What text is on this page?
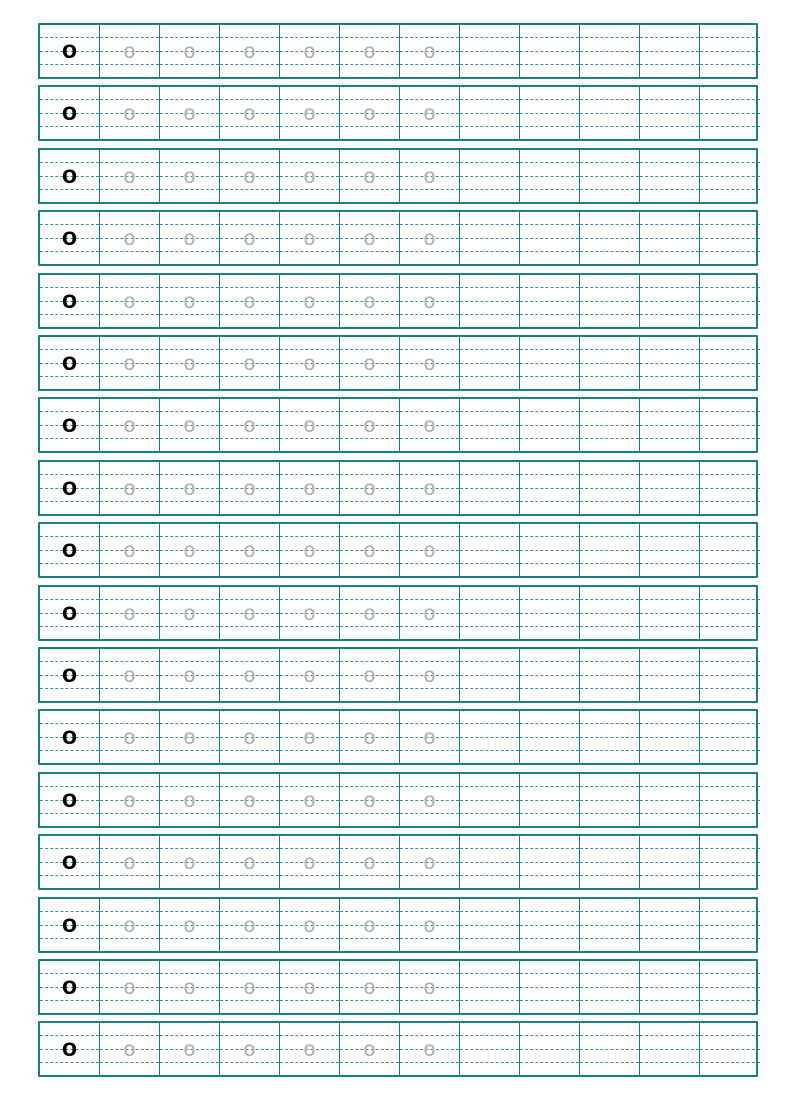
o	o	o	o	o	o	o
o	o	o	o	o	o	o
o	o	o	o	o	o	o
o	o	o	o	o	o	o
o	o	o	o	o	o	o
o	o	o	o	o	o	o
o	o	o	o	o	o	o
o	o	o	o	o	o	o
o	o	o	o	o	o	o
o	o	o	o	o	o	o
o	o	o	o	o	o	o
o	o	o	o	o	o	o
o	o	o	o	o	o	o
o	o	o	o	o	o	o
o	o	o	o	o	o	o
o	o	o	o	o	o	o
o	o	o	o	o	o	o
